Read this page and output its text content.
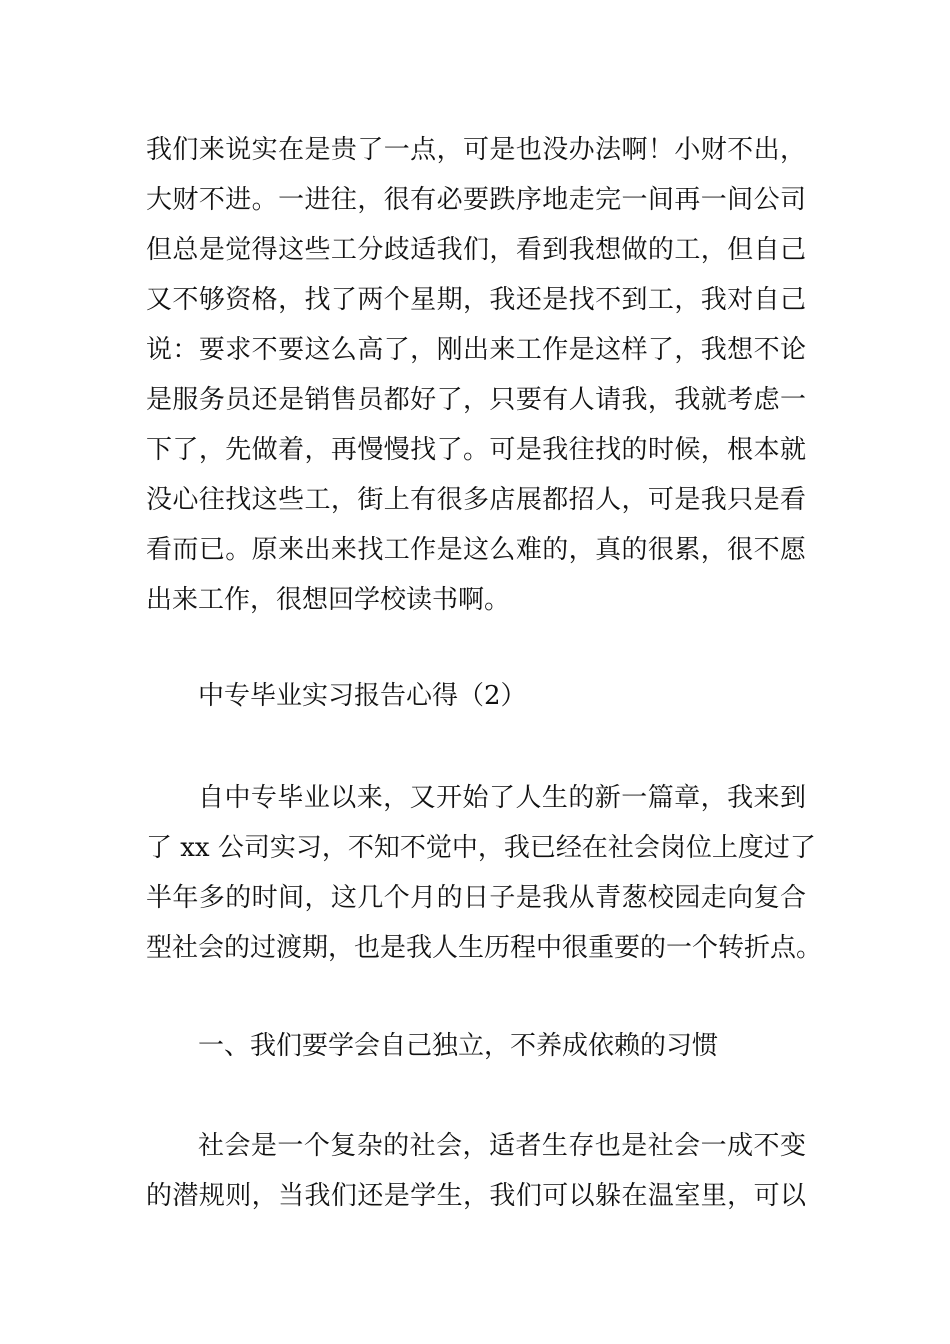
我们来说实在是贵了一点，可是也没办法啊！小财不出，
大财不进。一进往，很有必要跌序地走完一间再一间公司
但总是觉得这些工分歧适我们，看到我想做的工，但自己
又不够资格，找了两个星期，我还是找不到工，我对自己
说：要求不要这么高了，刚出来工作是这样了，我想不论
是服务员还是销售员都好了，只要有人请我，我就考虑一
下了，先做着，再慢慢找了。可是我往找的时候，根本就
没心往找这些工，街上有很多店展都招人，可是我只是看
看而已。原来出来找工作是这么难的，真的很累，很不愿
出来工作，很想回学校读书啊。
中专毕业实习报告心得（2）
自中专毕业以来，又开始了人生的新一篇章，我来到
了 xx 公司实习，不知不觉中，我已经在社会岗位上度过了
半年多的时间，这几个月的日子是我从青葱校园走向复合
型社会的过渡期，也是我人生历程中很重要的一个转折点。
一、我们要学会自己独立，不养成依赖的习惯
社会是一个复杂的社会，适者生存也是社会一成不变
的潜规则，当我们还是学生，我们可以躲在温室里，可以
